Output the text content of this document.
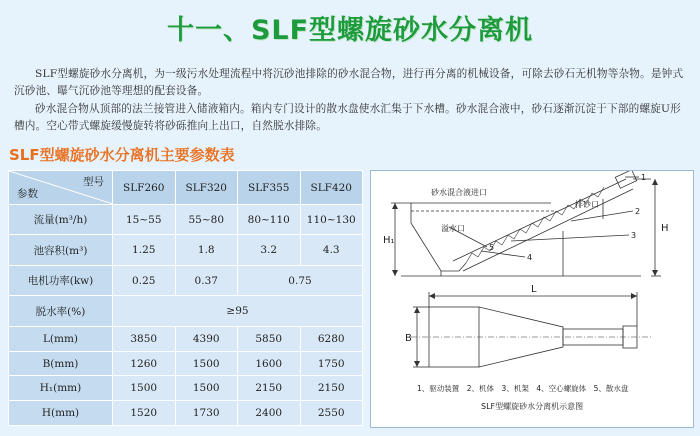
十一、SLF型螺旋砂水分离机
SLF型螺旋砂水分离机，为一级污水处理流程中将沉砂池排除的砂水混合物，进行再分离的机械设备，可除去砂石无机物等杂物。是钟式沉砂池、曝气沉砂池等理想的配套设备。
砂水混合物从顶部的法兰接管进入储液箱内。箱内专门设计的散水盘使水汇集于下水槽。砂水混合液中，砂石逐渐沉淀于下部的螺旋U形槽内。空心带式螺旋缓慢旋转将砂砾推向上出口，自然脱水排除。
SLF型螺旋砂水分离机主要参数表
型号
参数	SLF260	SLF320	SLF355	SLF420
流量(m³/h)	15~55	55~80	80~110	110~130
池容积(m³)	1.25	1.8	3.2	4.3
电机功率(kw)	0.25	0.37	0.75	
脱水率(%)	≥95			
L(mm)	3850	4390	5850	6280
B(mm)	1260	1500	1600	1750
H₁(mm)	1500	1500	2150	2150
H(mm)	1520	1730	2400	2550
砂水混合液进口
溢水口
排砂口
H₁
H
B
L
1
2
3
4
5
1、驱动装置　2、机体　3、机架　4、空心螺旋体　5、散水盘
SLF型螺旋砂水分离机示意图
